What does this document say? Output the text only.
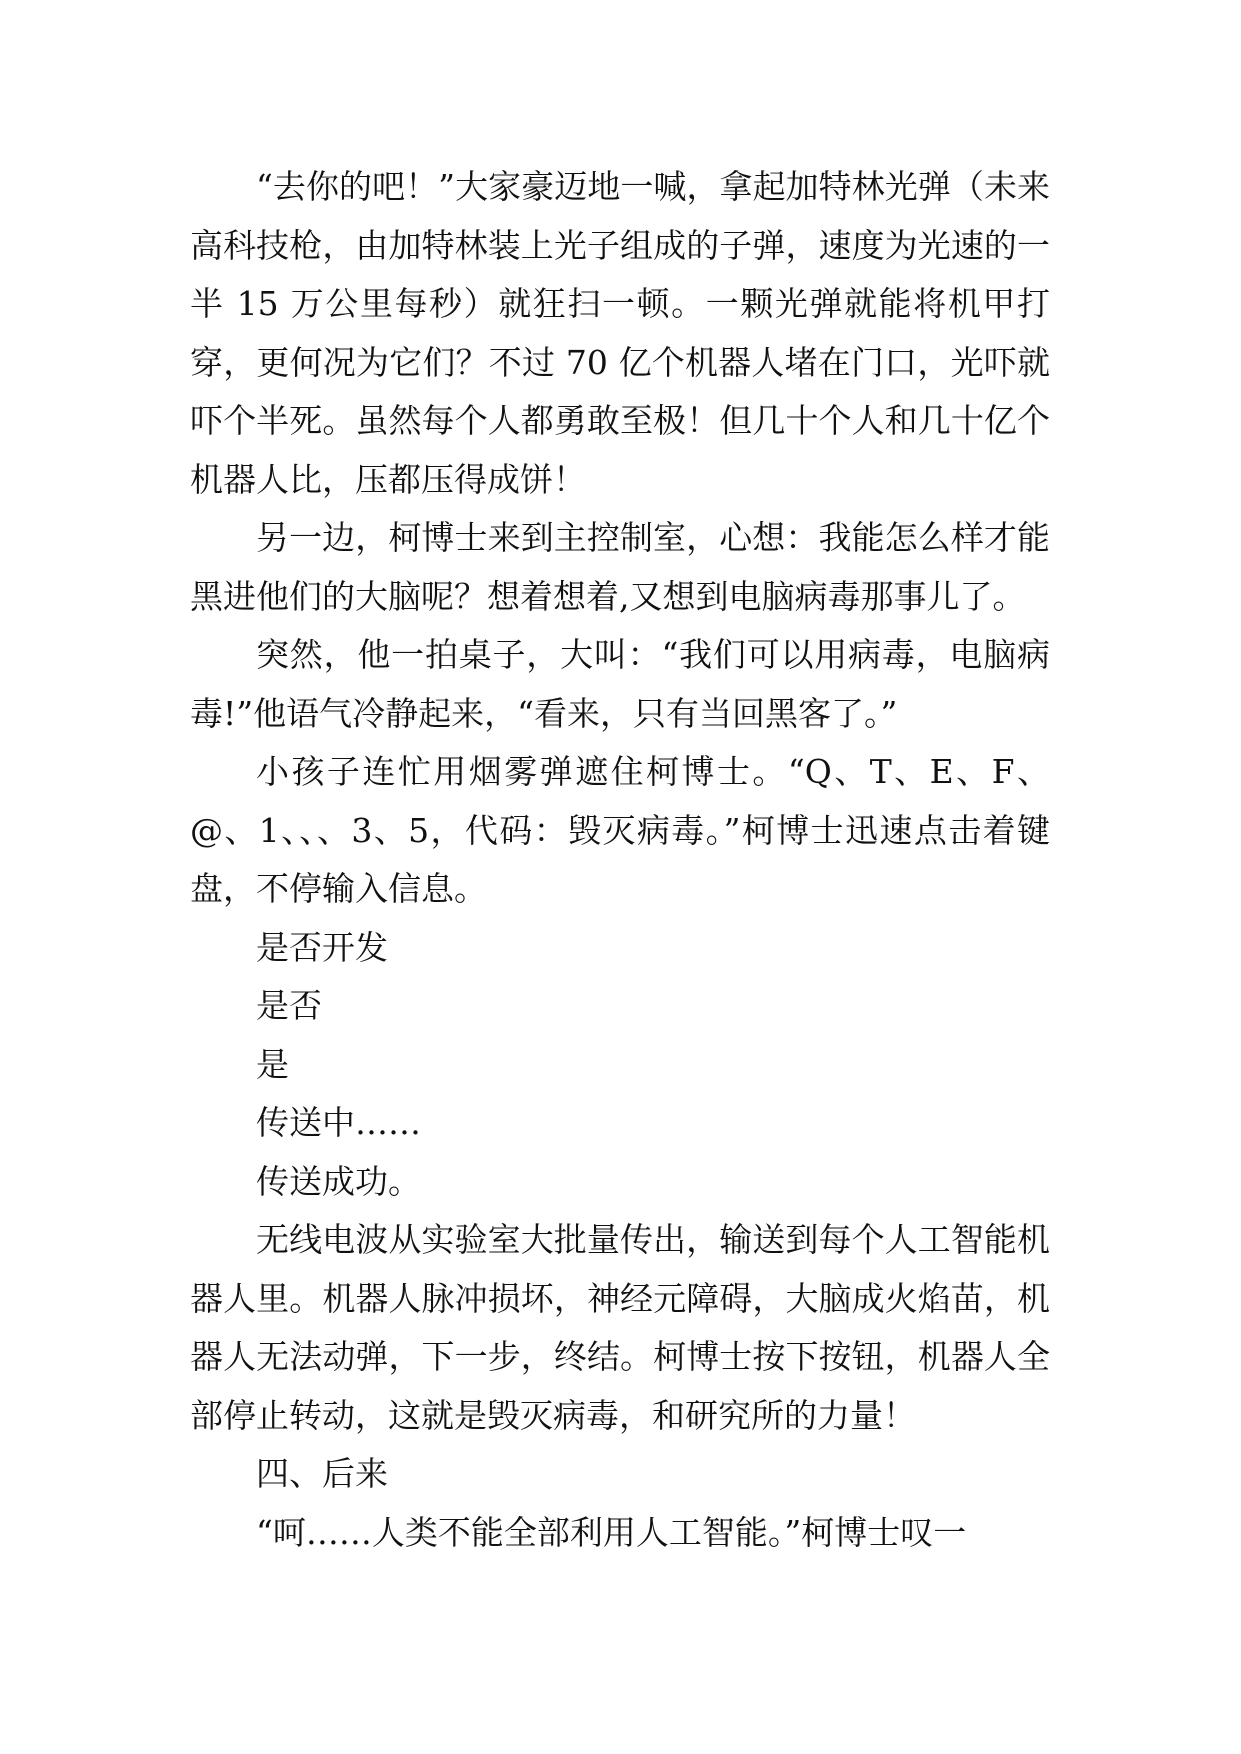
“去你的吧！”大家豪迈地一喊，拿起加特林光弹（未来高科技枪，由加特林装上光子组成的子弹，速度为光速的一半 15 万公里每秒）就狂扫一顿。一颗光弹就能将机甲打穿，更何况为它们？不过 70 亿个机器人堵在门口，光吓就吓个半死。虽然每个人都勇敢至极！但几十个人和几十亿个机器人比，压都压得成饼！

另一边，柯博士来到主控制室，心想：我能怎么样才能黑进他们的大脑呢？想着想着,又想到电脑病毒那事儿了。

突然，他一拍桌子，大叫：“我们可以用病毒，电脑病毒!”他语气冷静起来，“看来，只有当回黑客了。”

小孩子连忙用烟雾弹遮住柯博士。“Q、T、E、F、@、1、、、3、5，代码：毁灭病毒。”柯博士迅速点击着键盘，不停输入信息。

是否开发

是否

是

传送中……

传送成功。

无线电波从实验室大批量传出，输送到每个人工智能机器人里。机器人脉冲损坏，神经元障碍，大脑成火焰苗，机器人无法动弹，下一步，终结。柯博士按下按钮，机器人全部停止转动，这就是毁灭病毒，和研究所的力量！

四、后来

“呵……人类不能全部利用人工智能。”柯博士叹一
